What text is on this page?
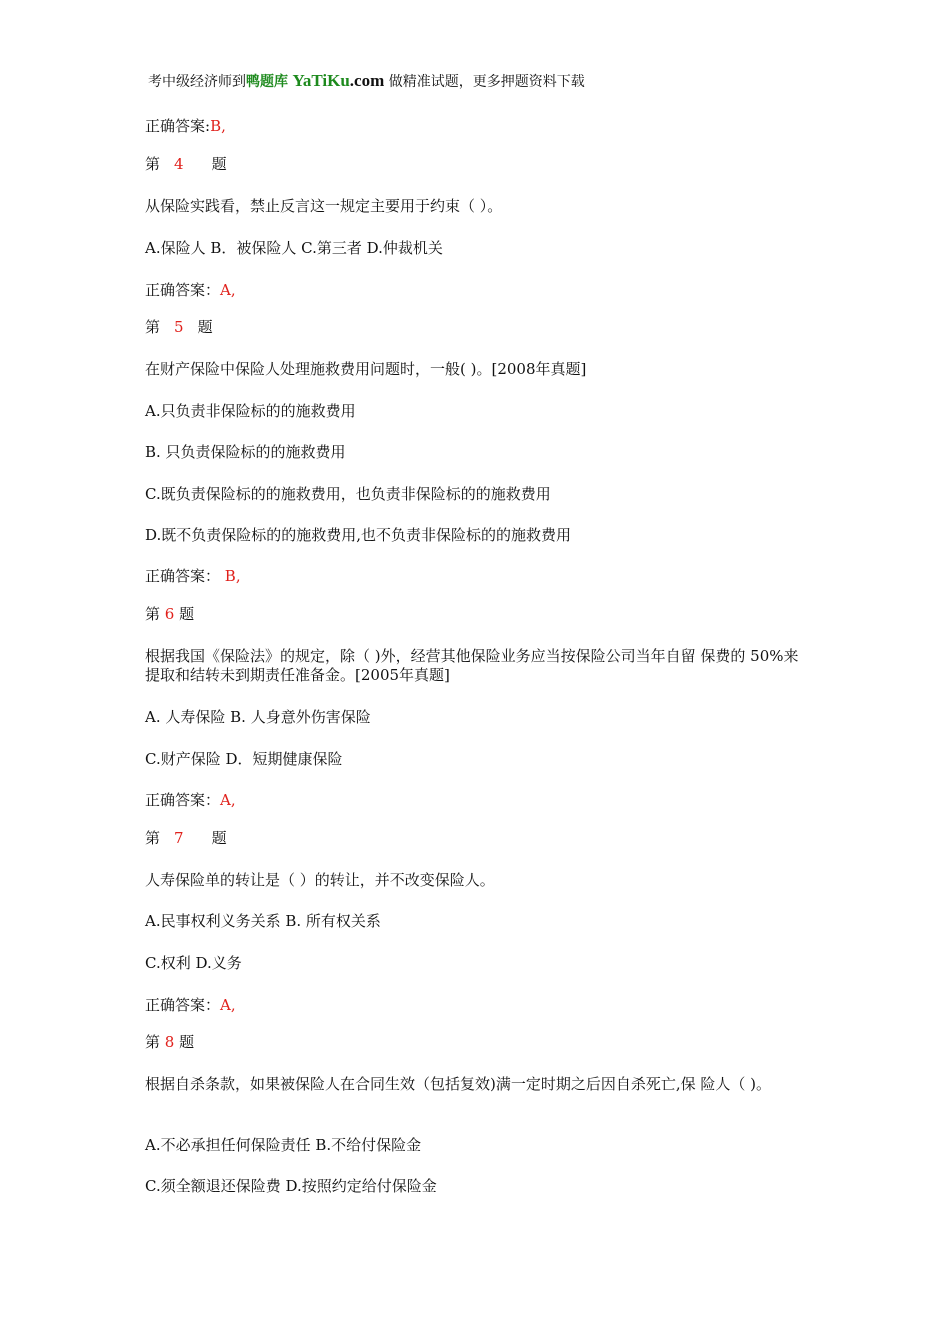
考中级经济师到鸭题库 YaTiKu.com 做精准试题，更多押题资料下载
正确答案:B,
第 4 题
从保险实践看，禁止反言这一规定主要用于约束（ ）。
A.保险人 B．被保险人 C.第三者 D.仲裁机关
正确答案：A,
第 5 题
在财产保险中保险人处理施救费用问题时，一般( )。[2008年真题]
A.只负责非保险标的的施救费用
B. 只负责保险标的的施救费用
C.既负责保险标的的施救费用，也负责非保险标的的施救费用
D.既不负责保险标的的施救费用,也不负责非保险标的的施救费用
正确答案： B,
第 6 题
根据我国《保险法》的规定，除（ )外，经营其他保险业务应当按保险公司当年自留 保费的 50%来提取和结转未到期责任准备金。[2005年真题]
A. 人寿保险 B. 人身意外伤害保险
C.财产保险 D．短期健康保险
正确答案：A,
第 7 题
人寿保险单的转让是（ ）的转让，并不改变保险人。
A.民事权利义务关系 B. 所有权关系
C.权利 D.义务
正确答案：A,
第 8 题
根据自杀条款，如果被保险人在合同生效（包括复效)满一定时期之后因自杀死亡,保 险人（ )。
A.不必承担任何保险责任 B.不给付保险金
C.须全额退还保险费 D.按照约定给付保险金
